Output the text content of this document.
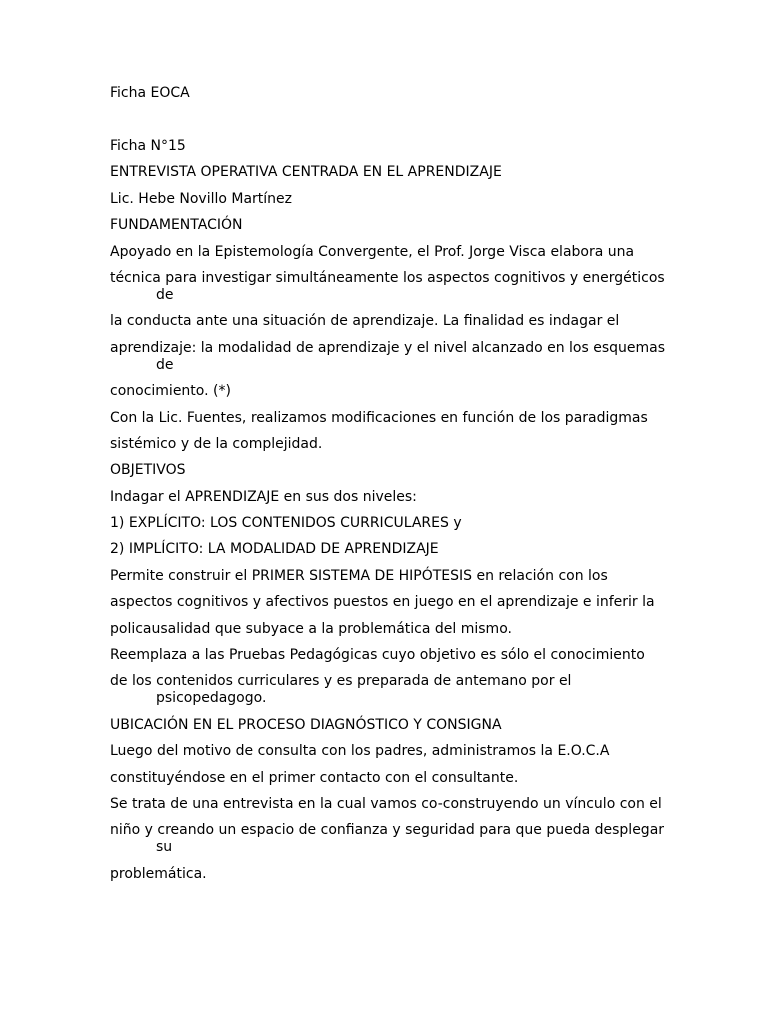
Ficha EOCA

Ficha N°15

ENTREVISTA OPERATIVA CENTRADA EN EL APRENDIZAJE

Lic. Hebe Novillo Martínez

FUNDAMENTACIÓN

Apoyado en la Epistemología Convergente, el Prof. Jorge Visca elabora una

técnica para investigar simultáneamente los aspectos cognitivos y energéticos de

la conducta ante una situación de aprendizaje. La finalidad es indagar el

aprendizaje: la modalidad de aprendizaje y el nivel alcanzado en los esquemas de

conocimiento. (*)

Con la Lic. Fuentes, realizamos modificaciones en función de los paradigmas

sistémico y de la complejidad.

OBJETIVOS

Indagar el APRENDIZAJE en sus dos niveles:

1) EXPLÍCITO: LOS CONTENIDOS CURRICULARES y

2) IMPLÍCITO: LA MODALIDAD DE APRENDIZAJE

Permite construir el PRIMER SISTEMA DE HIPÓTESIS en relación con los

aspectos cognitivos y afectivos puestos en juego en el aprendizaje e inferir la

policausalidad que subyace a la problemática del mismo.

Reemplaza a las Pruebas Pedagógicas cuyo objetivo es sólo el conocimiento

de los contenidos curriculares y es preparada de antemano por el psicopedagogo.

UBICACIÓN EN EL PROCESO DIAGNÓSTICO Y CONSIGNA

Luego del motivo de consulta con los padres, administramos la E.O.C.A

constituyéndose en el primer contacto con el consultante.

Se trata de una entrevista en la cual vamos co-construyendo un vínculo con el

niño y creando un espacio de confianza y seguridad para que pueda desplegar su

problemática.
